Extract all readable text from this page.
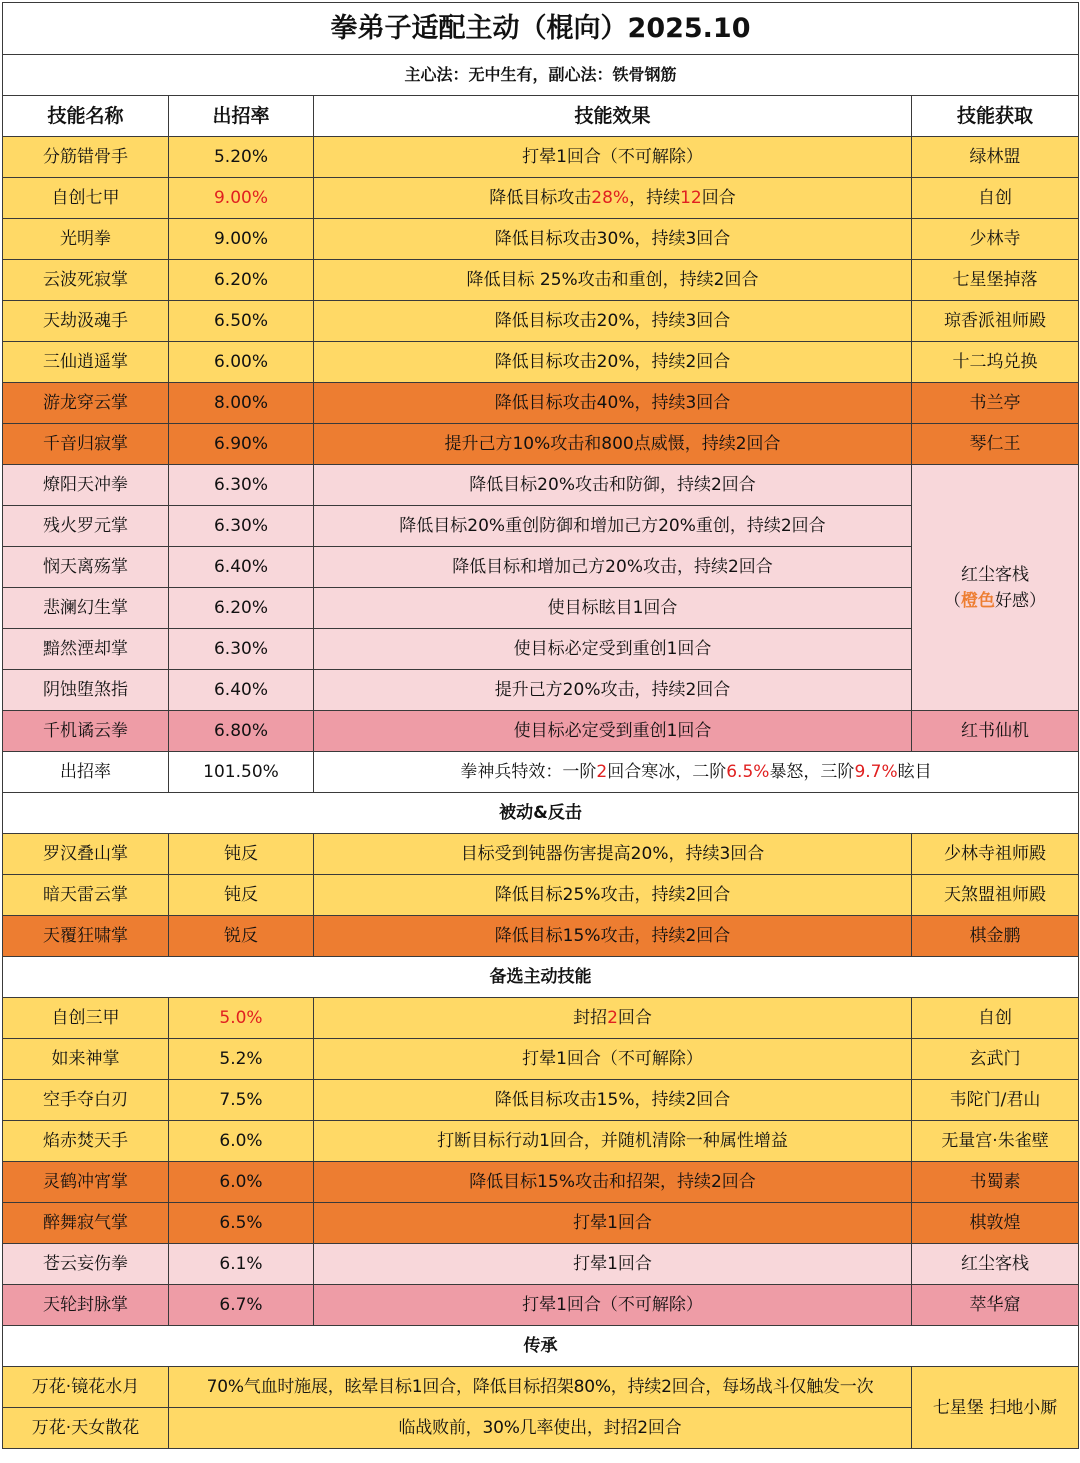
拳弟子适配主动（棍向）2025.10			
主心法：无中生有，副心法：铁骨钢筋			
技能名称	出招率	技能效果	技能获取
分筋错骨手	5.20%	打晕1回合（不可解除）	绿林盟
自创七甲	9.00%	降低目标攻击28%，持续12回合	自创
光明拳	9.00%	降低目标攻击30%，持续3回合	少林寺
云波死寂掌	6.20%	降低目标 25%攻击和重创，持续2回合	七星堡掉落
天劫汲魂手	6.50%	降低目标攻击20%，持续3回合	琼香派祖师殿
三仙逍遥掌	6.00%	降低目标攻击20%，持续2回合	十二坞兑换
游龙穿云掌	8.00%	降低目标攻击40%，持续3回合	书兰亭
千音归寂掌	6.90%	提升己方10%攻击和800点威慑，持续2回合	琴仁王
燎阳天冲拳	6.30%	降低目标20%攻击和防御，持续2回合	红尘客栈
（橙色好感）
残火罗元掌	6.30%	降低目标20%重创防御和增加己方20%重创，持续2回合	
悯天离殇掌	6.40%	降低目标和增加己方20%攻击，持续2回合	
悲澜幻生掌	6.20%	使目标眩目1回合	
黯然湮却掌	6.30%	使目标必定受到重创1回合	
阴蚀堕煞指	6.40%	提升己方20%攻击，持续2回合	
千机谲云拳	6.80%	使目标必定受到重创1回合	红书仙机
出招率	101.50%	拳神兵特效：一阶2回合寒冰，二阶6.5%暴怒，三阶9.7%眩目	
被动&反击			
罗汉叠山掌	钝反	目标受到钝器伤害提高20%，持续3回合	少林寺祖师殿
暗天雷云掌	钝反	降低目标25%攻击，持续2回合	天煞盟祖师殿
天覆狂啸掌	锐反	降低目标15%攻击，持续2回合	棋金鹏
备选主动技能			
自创三甲	5.0%	封招2回合	自创
如来神掌	5.2%	打晕1回合（不可解除）	玄武门
空手夺白刃	7.5%	降低目标攻击15%，持续2回合	韦陀门/君山
焰赤焚天手	6.0%	打断目标行动1回合，并随机清除一种属性增益	无量宫·朱雀壁
灵鹤冲宵掌	6.0%	降低目标15%攻击和招架，持续2回合	书蜀素
醉舞寂气掌	6.5%	打晕1回合	棋敦煌
苍云妄伤拳	6.1%	打晕1回合	红尘客栈
天轮封脉掌	6.7%	打晕1回合（不可解除）	萃华窟
传承			
万花·镜花水月	70%气血时施展，眩晕目标1回合，降低目标招架80%，持续2回合，每场战斗仅触发一次		七星堡 扫地小厮
万花·天女散花	临战败前，30%几率使出，封招2回合		
